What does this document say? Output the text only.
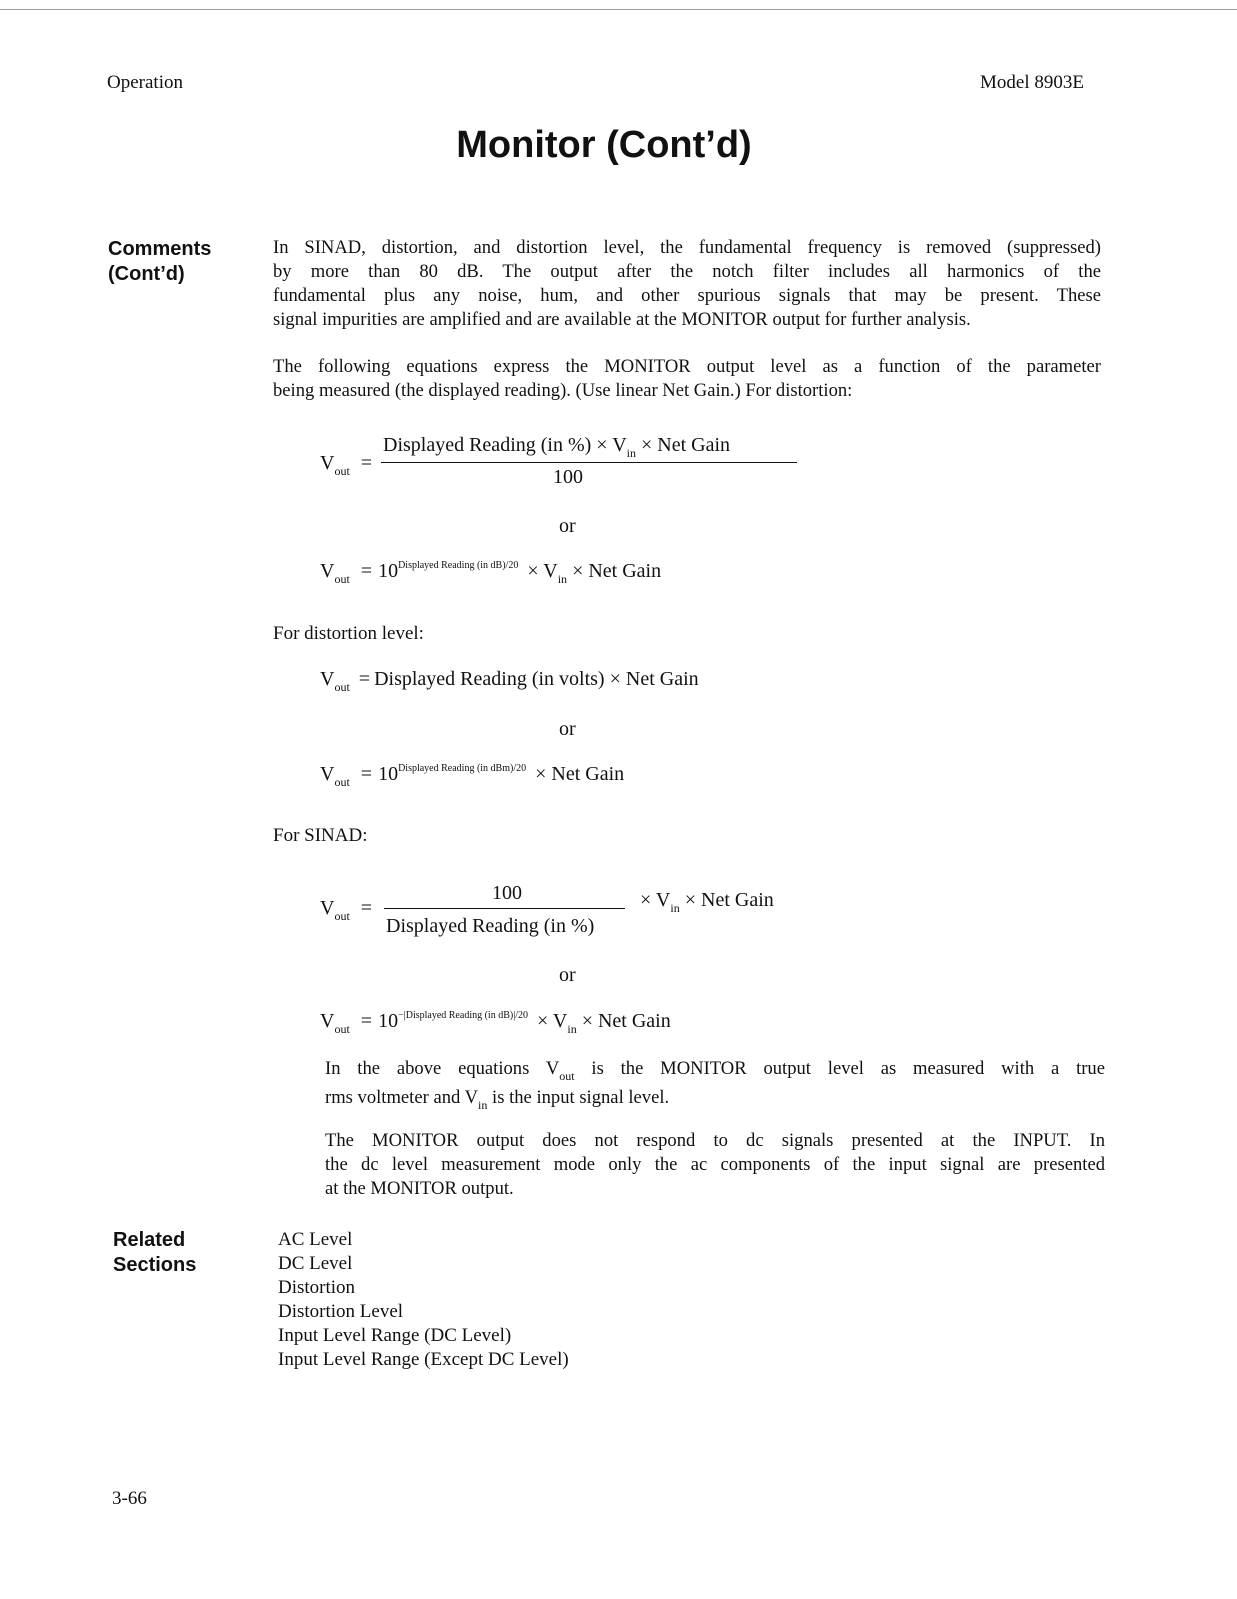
Operation	Model 8903E
Monitor (Cont’d)
Comments
(Cont’d)
In SINAD, distortion, and distortion level, the fundamental frequency is removed (suppressed)
by more than 80 dB. The output after the notch filter includes all harmonics of the
fundamental plus any noise, hum, and other spurious signals that may be present. These
signal impurities are amplified and are available at the MONITOR output for further analysis.
The following equations express the MONITOR output level as a function of the parameter
being measured (the displayed reading). (Use linear Net Gain.) For distortion:
$V_{out}$ =
Displayed Reading (in %) × $V_{in}$ × Net Gain
100
or
$V_{out} = 10^{Displayed Reading (in dB)/20} \times V_{in}$ × Net Gain
For distortion level:
$V_{out}$ = Displayed Reading (in volts) × Net Gain
or
$V_{out} = 10^{Displayed Reading (in dBm)/20}$ × Net Gain
For SINAD:
$V_{out}$ =
100
Displayed Reading (in %)
× $V_{in}$ × Net Gain
or
$V_{out} = 10^{-|Displayed Reading (in dB)|/20} \times V_{in}$ × Net Gain
In the above equations $V_{out}$ is the MONITOR output level as measured with a true
rms voltmeter and $V_{in}$ is the input signal level.
The MONITOR output does not respond to dc signals presented at the INPUT. In
the dc level measurement mode only the ac components of the input signal are presented
at the MONITOR output.
Related
Sections
AC Level
DC Level
Distortion
Distortion Level
Input Level Range (DC Level)
Input Level Range (Except DC Level)
3-66
